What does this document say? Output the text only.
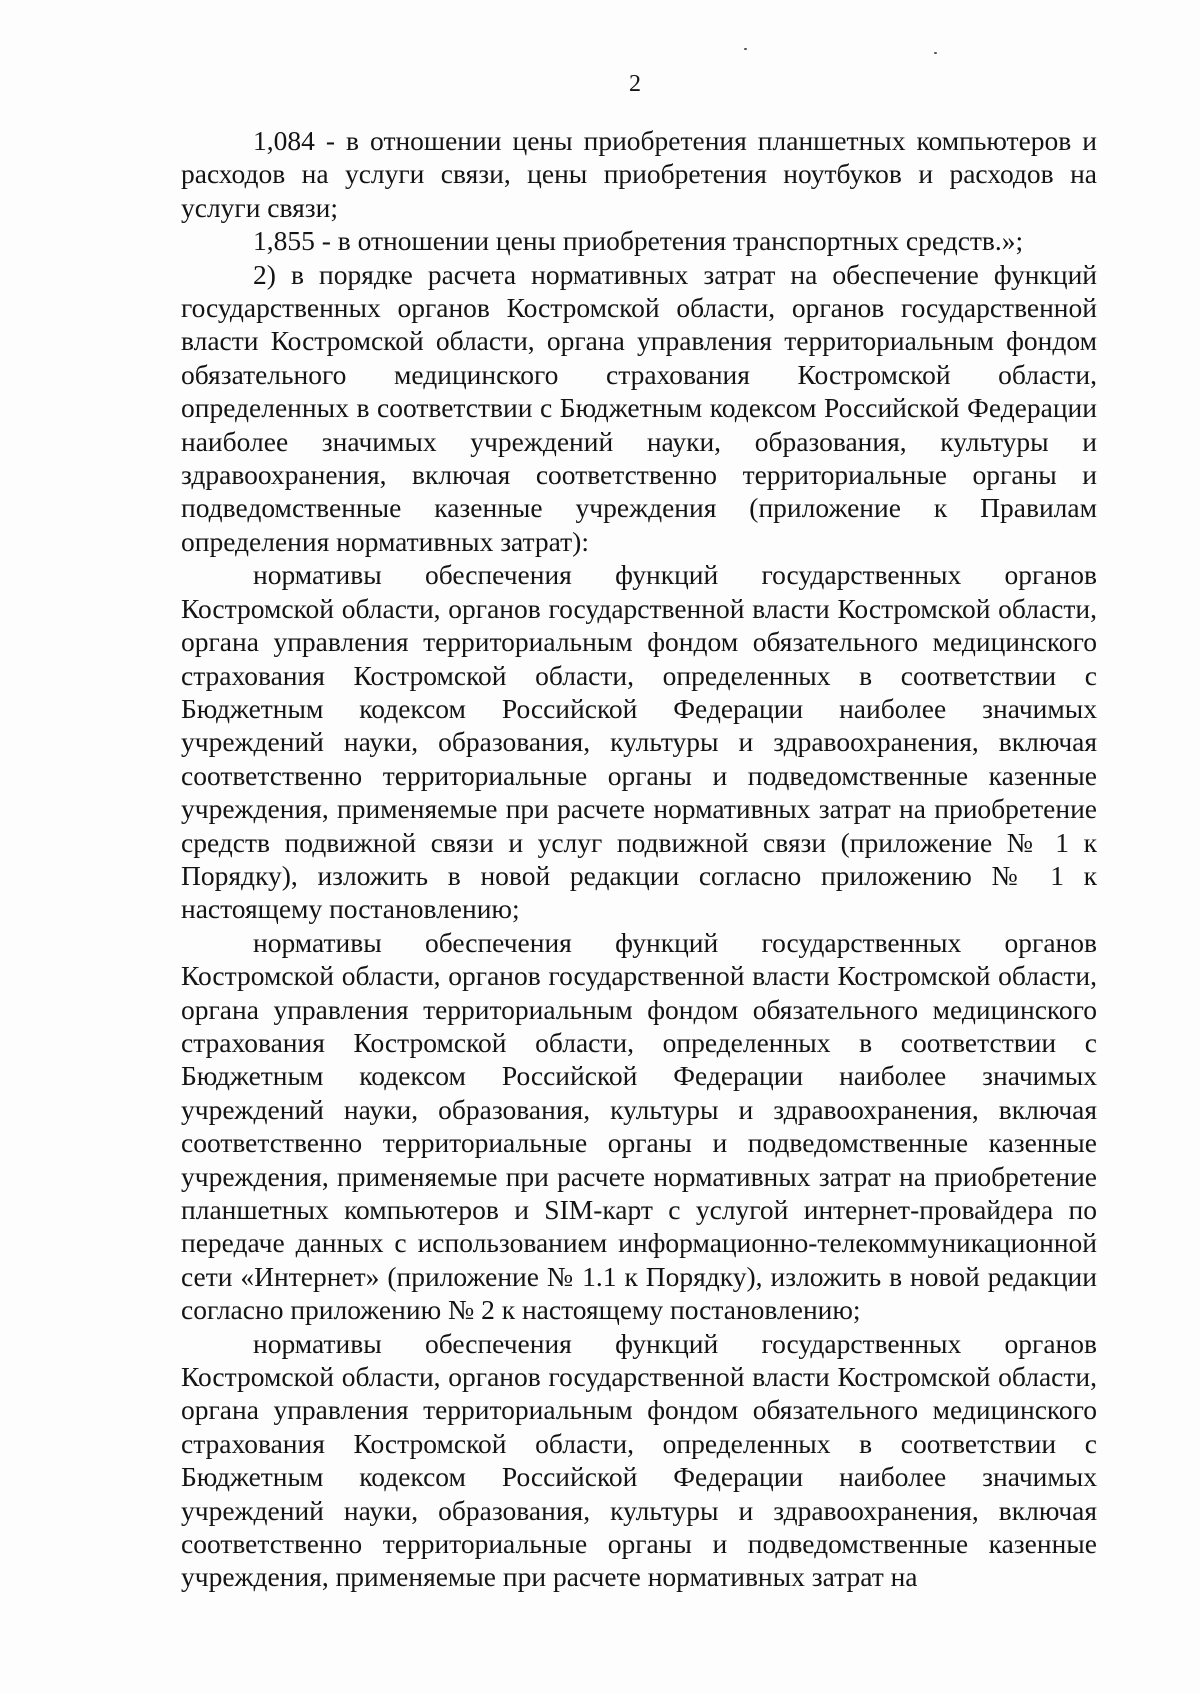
2

1,084 - в отношении цены приобретения планшетных компьютеров и расходов на услуги связи, цены приобретения ноутбуков и расходов на услуги связи;

1,855 - в отношении цены приобретения транспортных средств.»;

2) в порядке расчета нормативных затрат на обеспечение функций государственных органов Костромской области, органов государственной власти Костромской области, органа управления территориальным фондом обязательного медицинского страхования Костромской области, определенных в соответствии с Бюджетным кодексом Российской Федерации наиболее значимых учреждений науки, образования, культуры и здравоохранения, включая соответственно территориальные органы и подведомственные казенные учреждения (приложение к Правилам определения нормативных затрат):

нормативы обеспечения функций государственных органов Костромской области, органов государственной власти Костромской области, органа управления территориальным фондом обязательного медицинского страхования Костромской области, определенных в соответствии с Бюджетным кодексом Российской Федерации наиболее значимых учреждений науки, образования, культуры и здравоохранения, включая соответственно территориальные органы и подведомственные казенные учреждения, применяемые при расчете нормативных затрат на приобретение средств подвижной связи и услуг подвижной связи (приложение № 1 к Порядку), изложить в новой редакции согласно приложению № 1 к настоящему постановлению;

нормативы обеспечения функций государственных органов Костромской области, органов государственной власти Костромской области, органа управления территориальным фондом обязательного медицинского страхования Костромской области, определенных в соответствии с Бюджетным кодексом Российской Федерации наиболее значимых учреждений науки, образования, культуры и здравоохранения, включая соответственно территориальные органы и подведомственные казенные учреждения, применяемые при расчете нормативных затрат на приобретение планшетных компьютеров и SIM-карт с услугой интернет-провайдера по передаче данных с использованием информационно-телекоммуникационной сети «Интернет» (приложение № 1.1 к Порядку), изложить в новой редакции согласно приложению № 2 к настоящему постановлению;

нормативы обеспечения функций государственных органов Костромской области, органов государственной власти Костромской области, органа управления территориальным фондом обязательного медицинского страхования Костромской области, определенных в соответствии с Бюджетным кодексом Российской Федерации наиболее значимых учреждений науки, образования, культуры и здравоохранения, включая соответственно территориальные органы и подведомственные казенные учреждения, применяемые при расчете нормативных затрат на
